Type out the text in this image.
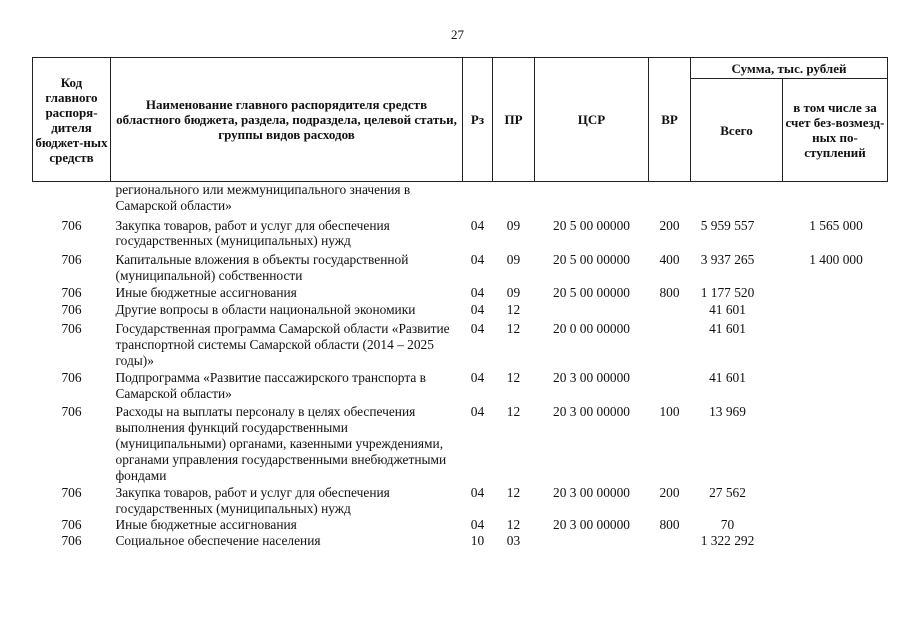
27
Код главного распоря-дителя бюджет-ных средств	Наименование главного распорядителя средств областного бюджета, раздела, подраздела, целевой статьи, группы видов расходов	Рз	ПР	ЦСР	ВР	Сумма, тыс. рублей	
						Всего	в том числе за счет без-возмезд-ных по-ступлений
	регионального или межмуниципального значения в Самарской области»						
706	Закупка товаров, работ и услуг для обеспечения государственных (муниципальных) нужд	04	09	20 5 00 00000	200	5 959 557	1 565 000
706	Капитальные вложения в объекты государственной (муниципальной) собственности	04	09	20 5 00 00000	400	3 937 265	1 400 000
706	Иные бюджетные ассигнования	04	09	20 5 00 00000	800	1 177 520	
706	Другие вопросы в области национальной экономики	04	12			41 601	
706	Государственная программа Самарской области «Развитие транспортной системы Самарской области (2014 – 2025 годы)»	04	12	20 0 00 00000		41 601	
706	Подпрограмма «Развитие пассажирского транспорта в Самарской области»	04	12	20 3 00 00000		41 601	
706	Расходы на выплаты персоналу в целях обеспечения выполнения функций государственными (муниципальными) органами, казенными учреждениями, органами управления государственными внебюджетными фондами	04	12	20 3 00 00000	100	13 969	
706	Закупка товаров, работ и услуг для обеспечения государственных (муниципальных) нужд	04	12	20 3 00 00000	200	27 562	
706	Иные бюджетные ассигнования	04	12	20 3 00 00000	800	70	
706	Социальное обеспечение населения	10	03			1 322 292	
